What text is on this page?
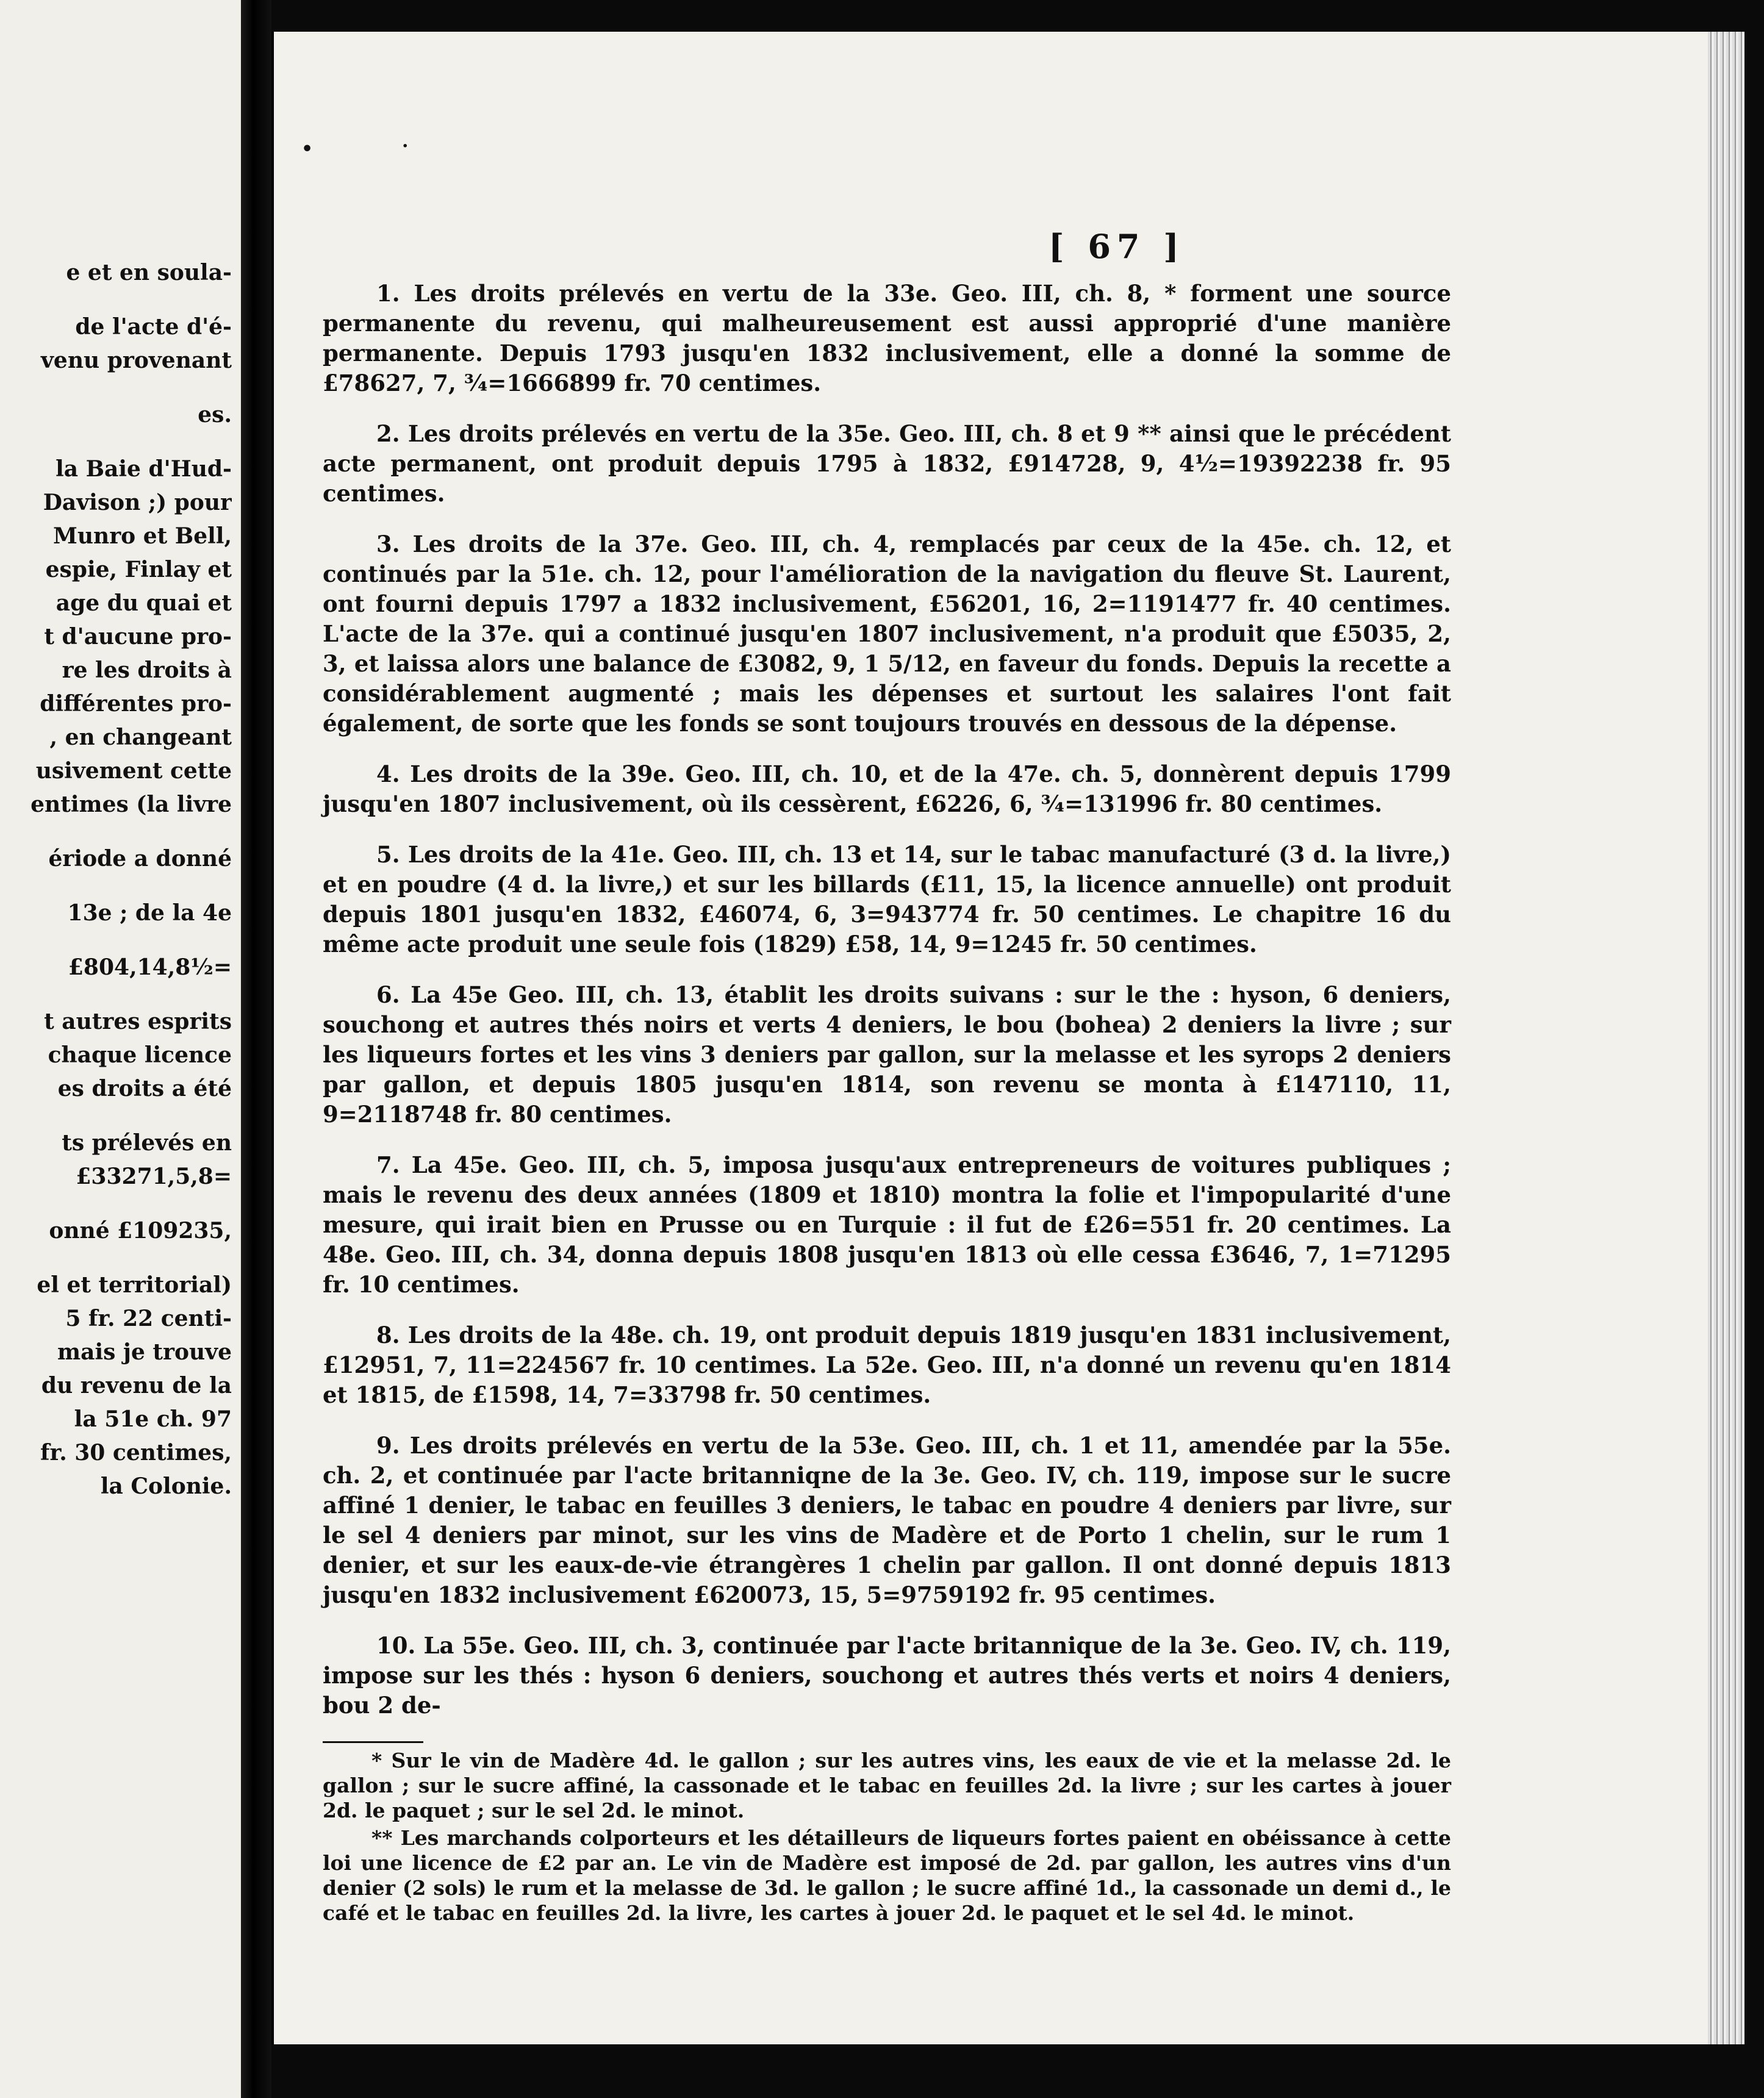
e et en soula-
de l'acte d'é-
venu provenant
es.
la Baie d'Hud-
Davison ;) pour
Munro et Bell,
espie, Finlay et
age du quai et
t d'aucune pro-
re les droits à
différentes pro-
, en changeant
usivement cette
entimes (la livre
ériode a donné
13e ; de la 4e
£804,14,8½=
t autres esprits
chaque licence
es droits a été
ts prélevés en
£33271,5,8=
onné £109235,
el et territorial)
5 fr. 22 centi-
mais je trouve
du revenu de la
la 51e ch. 97
fr. 30 centimes,
la Colonie.
•	·
[ 67 ]

1. Les droits prélevés en vertu de la 33e. Geo. III, ch. 8, * forment une source permanente du revenu, qui malheureusement est aussi approprié d'une manière permanente. Depuis 1793 jusqu'en 1832 inclusivement, elle a donné la somme de £78627, 7, ¾=1666899 fr. 70 centimes.

2. Les droits prélevés en vertu de la 35e. Geo. III, ch. 8 et 9 ** ainsi que le précédent acte permanent, ont produit depuis 1795 à 1832, £914728, 9, 4½=19392238 fr. 95 centimes.

3. Les droits de la 37e. Geo. III, ch. 4, remplacés par ceux de la 45e. ch. 12, et continués par la 51e. ch. 12, pour l'amélioration de la navigation du fleuve St. Laurent, ont fourni depuis 1797 a 1832 inclusivement, £56201, 16, 2=1191477 fr. 40 centimes. L'acte de la 37e. qui a continué jusqu'en 1807 inclusivement, n'a produit que £5035, 2, 3, et laissa alors une balance de £3082, 9, 1 5/12, en faveur du fonds. Depuis la recette a considérablement augmenté ; mais les dépenses et surtout les salaires l'ont fait également, de sorte que les fonds se sont toujours trouvés en dessous de la dépense.

4. Les droits de la 39e. Geo. III, ch. 10, et de la 47e. ch. 5, donnèrent depuis 1799 jusqu'en 1807 inclusivement, où ils cessèrent, £6226, 6, ¾=131996 fr. 80 centimes.

5. Les droits de la 41e. Geo. III, ch. 13 et 14, sur le tabac manufacturé (3 d. la livre,) et en poudre (4 d. la livre,) et sur les billards (£11, 15, la licence annuelle) ont produit depuis 1801 jusqu'en 1832, £46074, 6, 3=943774 fr. 50 centimes. Le chapitre 16 du même acte produit une seule fois (1829) £58, 14, 9=1245 fr. 50 centimes.

6. La 45e Geo. III, ch. 13, établit les droits suivans : sur le the : hyson, 6 deniers, souchong et autres thés noirs et verts 4 deniers, le bou (bohea) 2 deniers la livre ; sur les liqueurs fortes et les vins 3 deniers par gallon, sur la melasse et les syrops 2 deniers par gallon, et depuis 1805 jusqu'en 1814, son revenu se monta à £147110, 11, 9=2118748 fr. 80 centimes.

7. La 45e. Geo. III, ch. 5, imposa jusqu'aux entrepreneurs de voitures publiques ; mais le revenu des deux années (1809 et 1810) montra la folie et l'impopularité d'une mesure, qui irait bien en Prusse ou en Turquie : il fut de £26=551 fr. 20 centimes. La 48e. Geo. III, ch. 34, donna depuis 1808 jusqu'en 1813 où elle cessa £3646, 7, 1=71295 fr. 10 centimes.

8. Les droits de la 48e. ch. 19, ont produit depuis 1819 jusqu'en 1831 inclusivement, £12951, 7, 11=224567 fr. 10 centimes. La 52e. Geo. III, n'a donné un revenu qu'en 1814 et 1815, de £1598, 14, 7=33798 fr. 50 centimes.

9. Les droits prélevés en vertu de la 53e. Geo. III, ch. 1 et 11, amendée par la 55e. ch. 2, et continuée par l'acte britanniqne de la 3e. Geo. IV, ch. 119, impose sur le sucre affiné 1 denier, le tabac en feuilles 3 deniers, le tabac en poudre 4 deniers par livre, sur le sel 4 deniers par minot, sur les vins de Madère et de Porto 1 chelin, sur le rum 1 denier, et sur les eaux-de-vie étrangères 1 chelin par gallon. Il ont donné depuis 1813 jusqu'en 1832 inclusivement £620073, 15, 5=9759192 fr. 95 centimes.

10. La 55e. Geo. III, ch. 3, continuée par l'acte britannique de la 3e. Geo. IV, ch. 119, impose sur les thés : hyson 6 deniers, souchong et autres thés verts et noirs 4 deniers, bou 2 de-

* Sur le vin de Madère 4d. le gallon ; sur les autres vins, les eaux de vie et la melasse 2d. le gallon ; sur le sucre affiné, la cassonade et le tabac en feuilles 2d. la livre ; sur les cartes à jouer 2d. le paquet ; sur le sel 2d. le minot.

** Les marchands colporteurs et les détailleurs de liqueurs fortes paient en obéissance à cette loi une licence de £2 par an. Le vin de Madère est imposé de 2d. par gallon, les autres vins d'un denier (2 sols) le rum et la melasse de 3d. le gallon ; le sucre affiné 1d., la cassonade un demi d., le café et le tabac en feuilles 2d. la livre, les cartes à jouer 2d. le paquet et le sel 4d. le minot.
